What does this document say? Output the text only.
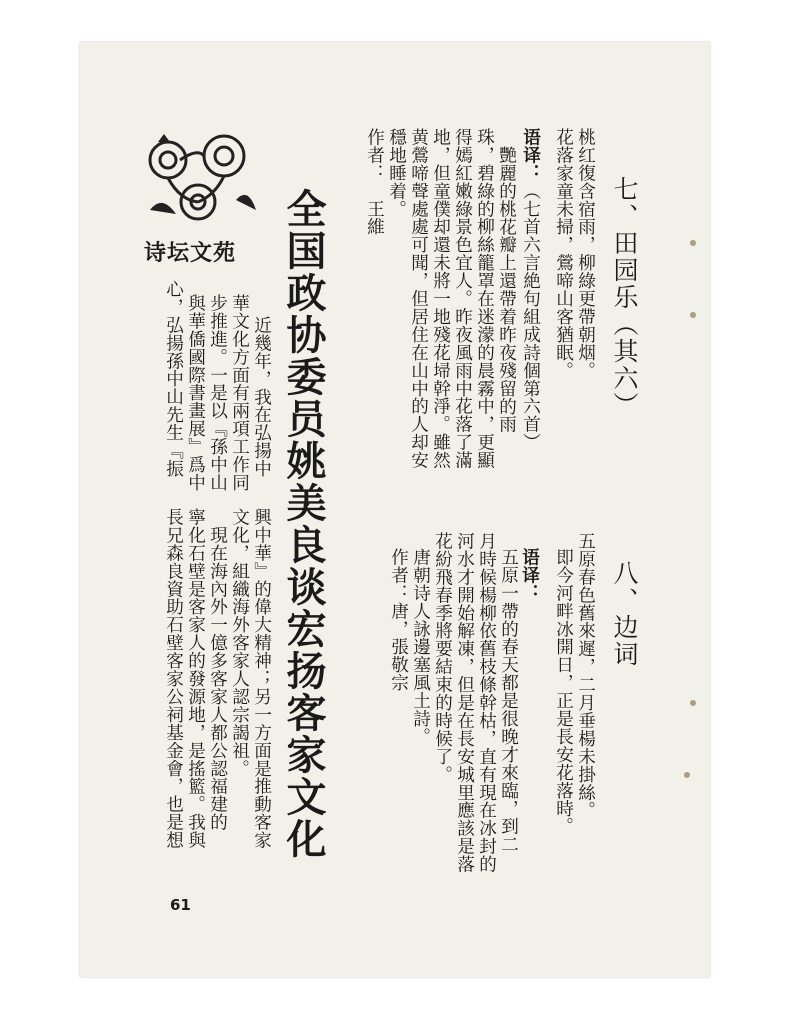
诗坛文苑	七、田园乐（其六）
桃红復含宿雨，柳綠更帶朝烟。
花落家童未掃，鶯啼山客猶眠。
语译：（七首六言絶句組成詩個第六首）
艷麗的桃花瓣上還帶着昨夜殘留的雨
珠，碧綠的柳絲籠罩在迷濛的晨霧中，更顯
得嫣紅嫩綠景色宜人。昨夜風雨中花落了滿
地，但童僕却還未將一地殘花埽幹淨。雖然
黄鶯啼聲處處可聞，但居住在山中的人却安
穩地睡着。
作者：　王維
八、边词
五原春色舊來遲，二月垂楊未掛絲。
即今河畔冰開日，正是長安花落時。
语译：
五原一帶的春天都是很晚才來臨，到二
月時候楊柳依舊枝條幹枯，直有現在冰封的
河水才開始解凍，但是在長安城里應該是落
花紛飛春季將要結束的時候了。
唐朝诗人詠邊塞風土詩。
作者：唐，張敬宗
全国政协委员姚美良谈宏扬客家文化
近幾年，我在弘揚中
華文化方面有兩項工作同
步推進。一是以『孫中山
與華僑國際書畫展』爲中
心，弘揚孫中山先生『振
興中華』的偉大精神；另一方面是推動客家
文化，組織海外客家人認宗謁祖。
　現在海內外一億多客家人都公認福建的
寧化石壁是客家人的發源地，是搖籃。我與
長兄森良資助石壁客家公祠基金會，也是想
61
